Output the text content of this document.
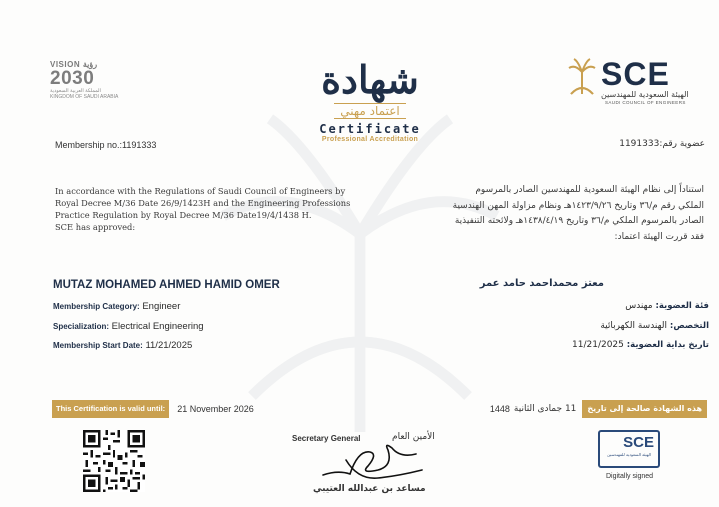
VISION رؤية
2030
المملكة العربية السعودية
KINGDOM OF SAUDI ARABIA	شهادة
اعتماد مهني
Certificate
Professional Accreditation
SCE
الهيئة السعودية للمهندسين
SAUDI COUNCIL OF ENGINEERS
Membership no.:1191333	عضوية رقم:1191333
In accordance with the Regulations of Saudi Council of Engineers by
Royal Decree M/36 Date 26/9/1423H and the Engineering Professions
Practice Regulation by Royal Decree M/36 Date19/4/1438 H.
SCE has approved:
استناداً إلى نظام الهيئة السعودية للمهندسين الصادر بالمرسوم
الملكي رقم م/٣٦ وتاريخ ١٤٢٣/٩/٢٦هـ ونظام مزاولة المهن الهندسية
الصادر بالمرسوم الملكي م/٣٦ وتاريخ ١٤٣٨/٤/١٩هـ ولائحته التنفيذية
فقد قررت الهيئة اعتماد:
MUTAZ MOHAMED AHMED HAMID OMER	معتز محمداحمد حامد عمر
Membership Category: Engineer
Specialization: Electrical Engineering
Membership Start Date: 11/21/2025
فئة العضوية: مهندس
التخصص: الهندسة الكهربائية
تاريخ بداية العضوية: 11/21/2025
This Certification is valid until:	21 November 2026	هذه الشهادة صالحة إلى تاريخ
11 جمادى الثانية
1448
Secretary General	الأمين العام
مساعد بن عبدالله العتيبي
SCE
الهيئة السعودية للمهندسين
Digitally signed
